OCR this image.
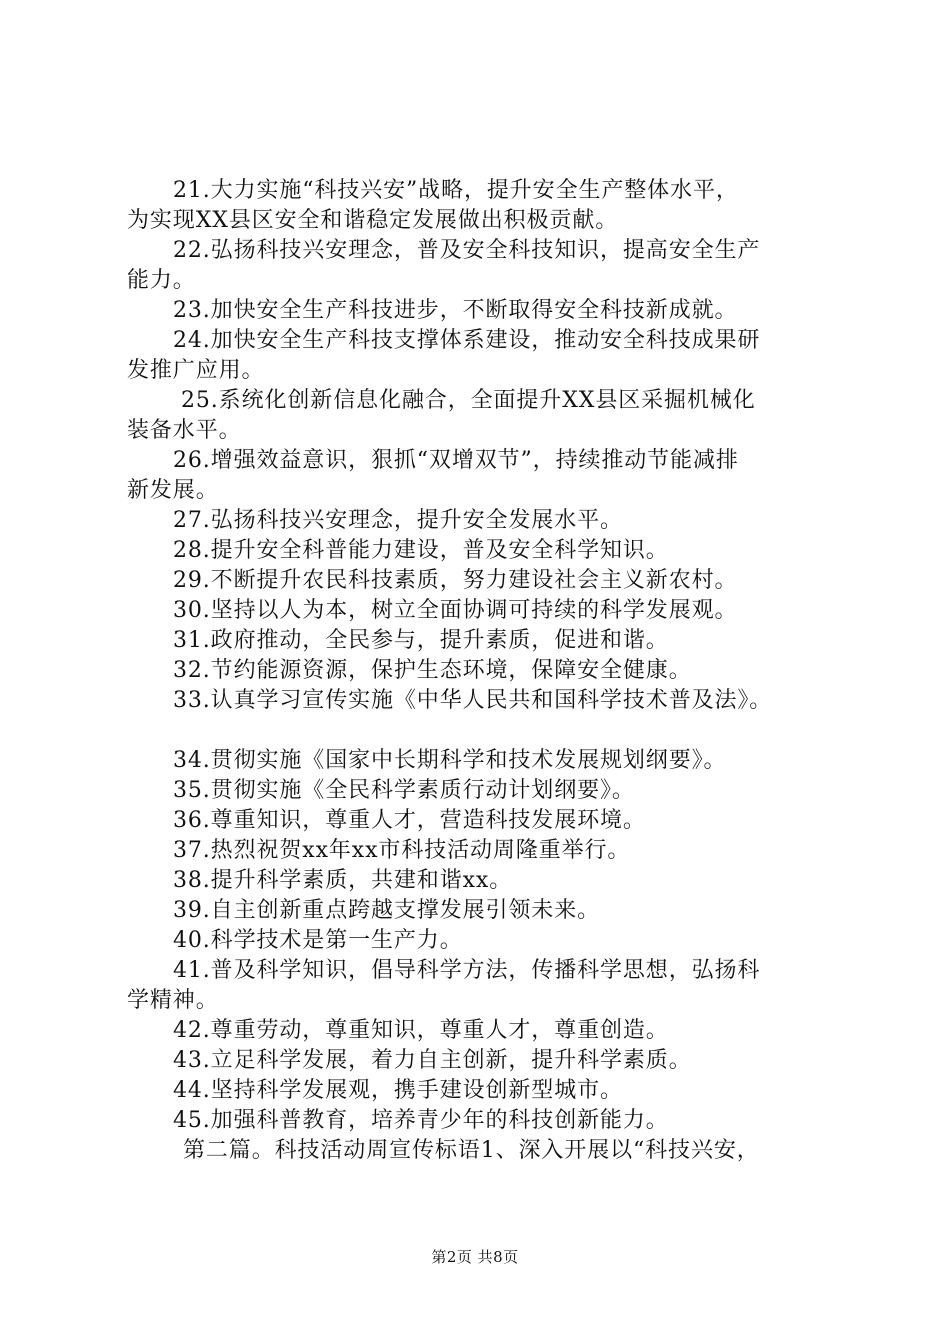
21.大力实施“科技兴安”战略，提升安全生产整体水平，
为实现XX县区安全和谐稳定发展做出积极贡献。
22.弘扬科技兴安理念，普及安全科技知识，提高安全生产
能力。
23.加快安全生产科技进步，不断取得安全科技新成就。
24.加快安全生产科技支撑体系建设，推动安全科技成果研
发推广应用。
25.系统化创新信息化融合，全面提升XX县区采掘机械化
装备水平。
26.增强效益意识，狠抓“双增双节”，持续推动节能减排
新发展。
27.弘扬科技兴安理念，提升安全发展水平。
28.提升安全科普能力建设，普及安全科学知识。
29.不断提升农民科技素质，努力建设社会主义新农村。
30.坚持以人为本，树立全面协调可持续的科学发展观。
31.政府推动，全民参与，提升素质，促进和谐。
32.节约能源资源，保护生态环境，保障安全健康。
33.认真学习宣传实施《中华人民共和国科学技术普及法》。
34.贯彻实施《国家中长期科学和技术发展规划纲要》。
35.贯彻实施《全民科学素质行动计划纲要》。
36.尊重知识，尊重人才，营造科技发展环境。
37.热烈祝贺xx年xx市科技活动周隆重举行。
38.提升科学素质，共建和谐xx。
39.自主创新重点跨越支撑发展引领未来。
40.科学技术是第一生产力。
41.普及科学知识，倡导科学方法，传播科学思想，弘扬科
学精神。
42.尊重劳动，尊重知识，尊重人才，尊重创造。
43.立足科学发展，着力自主创新，提升科学素质。
44.坚持科学发展观，携手建设创新型城市。
45.加强科普教育，培养青少年的科技创新能力。
第二篇。科技活动周宣传标语1、深入开展以“科技兴安，
第2页 共8页
